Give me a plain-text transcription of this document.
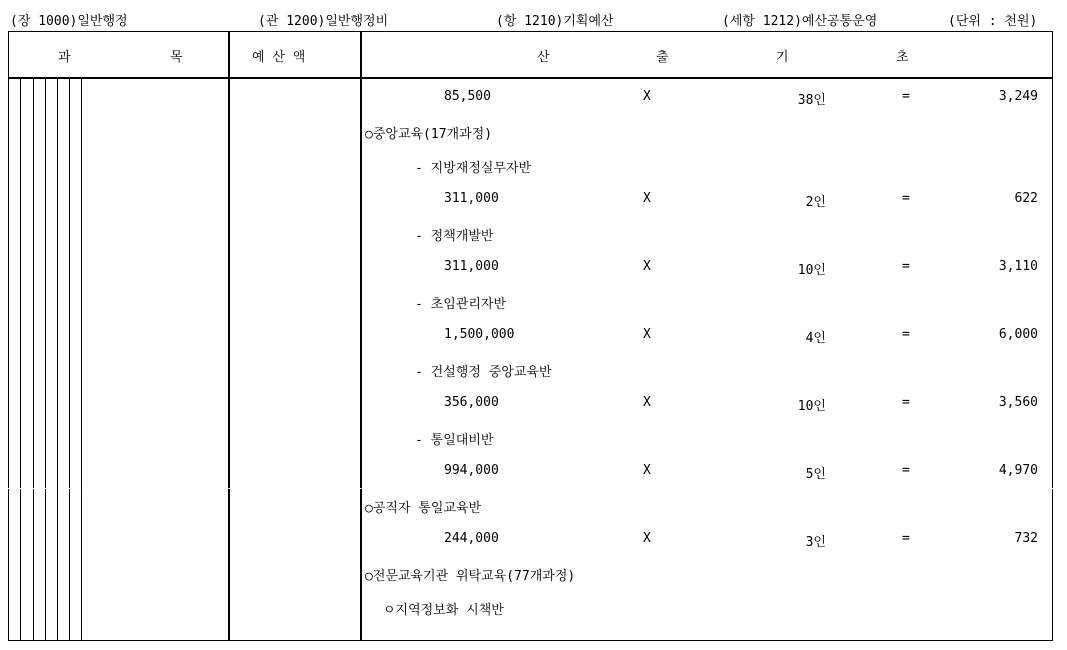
(장 1000)일반행정	(관 1200)일반행정비	(항 1210)기획예산	(세항 1212)예산공통운영	(단위 : 천원)
과	목	예 산 액	산	출	기	초
85,500	X	38인	=	3,249
○중앙교육(17개과정)
- 지방재정실무자반
311,000	X	2인	=	622
- 정책개발반
311,000	X	10인	=	3,110
- 초임관리자반
1,500,000	X	4인	=	6,000
- 건설행정 중앙교육반
356,000	X	10인	=	3,560
- 통일대비반
994,000	X	5인	=	4,970
○공직자 통일교육반
244,000	X	3인	=	732
○전문교육기관 위탁교육(77개과정)
ㅇ지역정보화 시책반
